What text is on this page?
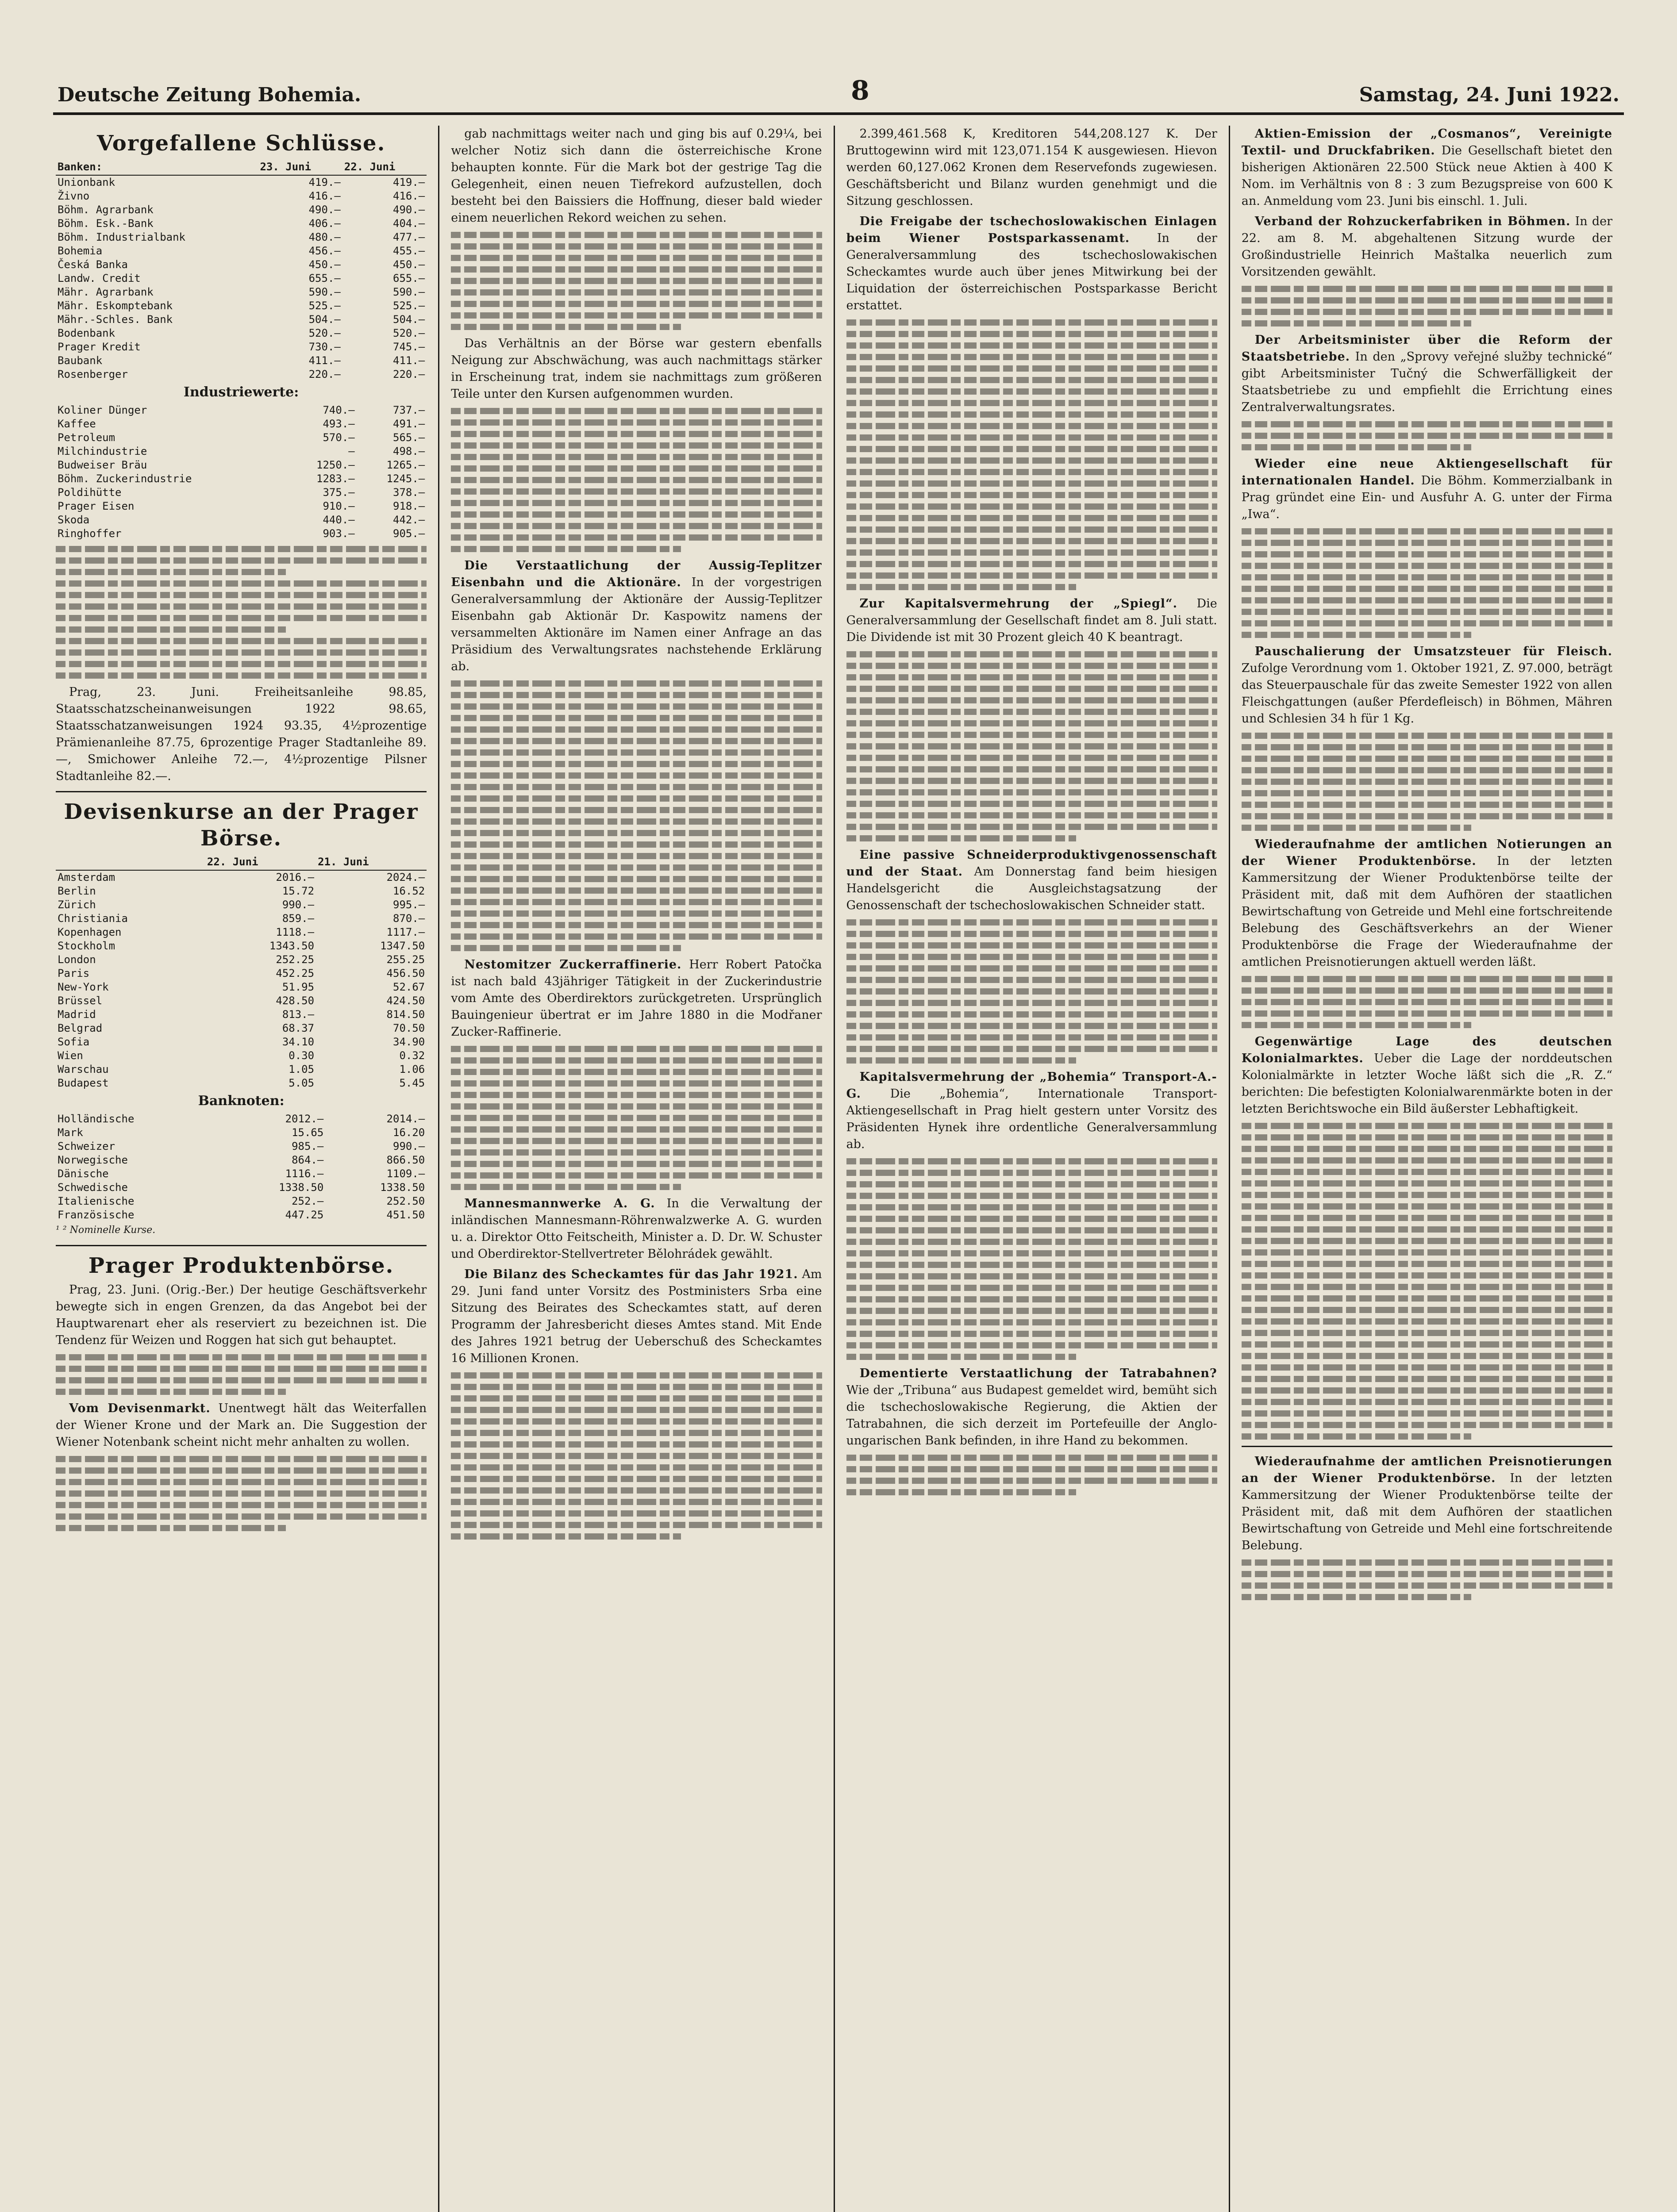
Deutsche Zeitung Bohemia.	8	Samstag, 24. Juni 1922.
Vorgefallene Schlüsse.
Banken:	23. Juni	22. Juni
Unionbank	419.—	419.—
Živno	416.—	416.—
Böhm. Agrarbank	490.—	490.—
Böhm. Esk.-Bank	406.—	404.—
Böhm. Industrialbank	480.—	477.—
Bohemia	456.—	455.—
Česká Banka	450.—	450.—
Landw. Credit	655.—	655.—
Mähr. Agrarbank	590.—	590.—
Mähr. Eskomptebank	525.—	525.—
Mähr.-Schles. Bank	504.—	504.—
Bodenbank	520.—	520.—
Prager Kredit	730.—	745.—
Baubank	411.—	411.—
Rosenberger	220.—	220.—
Industriewerte:
Koliner Dünger	740.—	737.—
Kaffee	493.—	491.—
Petroleum	570.—	565.—
Milchindustrie	—	498.—
Budweiser Bräu	1250.—	1265.—
Böhm. Zuckerindustrie	1283.—	1245.—
Poldihütte	375.—	378.—
Prager Eisen	910.—	918.—
Skoda	440.—	442.—
Ringhoffer	903.—	905.—

Prag, 23. Juni. Freiheitsanleihe 98.85, Staatsschatzscheinanweisungen 1922 98.65, Staatsschatzanweisungen 1924 93.35, 4½prozentige Prämienanleihe 87.75, 6prozentige Prager Stadtanleihe 89.—, Smichower Anleihe 72.—, 4½prozentige Pilsner Stadtanleihe 82.—.

Devisenkurse an der Prager Börse.
	22. Juni	21. Juni
Amsterdam	2016.—	2024.—
Berlin	15.72	16.52
Zürich	990.—	995.—
Christiania	859.—	870.—
Kopenhagen	1118.—	1117.—
Stockholm	1343.50	1347.50
London	252.25	255.25
Paris	452.25	456.50
New-York	51.95	52.67
Brüssel	428.50	424.50
Madrid	813.—	814.50
Belgrad	68.37	70.50
Sofia	34.10	34.90
Wien	0.30	0.32
Warschau	1.05	1.06
Budapest	5.05	5.45
Banknoten:
Holländische	2012.—	2014.—
Mark	15.65	16.20
Schweizer	985.—	990.—
Norwegische	864.—	866.50
Dänische	1116.—	1109.—
Schwedische	1338.50	1338.50
Italienische	252.—	252.50
Französische	447.25	451.50
¹ ² Nominelle Kurse.
Prager Produktenbörse.

Prag, 23. Juni. (Orig.-Ber.) Der heutige Geschäftsverkehr bewegte sich in engen Grenzen, da das Angebot bei der Hauptwarenart eher als reserviert zu bezeichnen ist. Die Tendenz für Weizen und Roggen hat sich gut behauptet.

Vom Devisenmarkt. Unentwegt hält das Weiterfallen der Wiener Krone und der Mark an. Die Suggestion der Wiener Notenbank scheint nicht mehr anhalten zu wollen.

gab nachmittags weiter nach und ging bis auf 0.29¼, bei welcher Notiz sich dann die österreichische Krone behaupten konnte. Für die Mark bot der gestrige Tag die Gelegenheit, einen neuen Tiefrekord aufzustellen, doch besteht bei den Baissiers die Hoffnung, dieser bald wieder einem neuerlichen Rekord weichen zu sehen.

Das Verhältnis an der Börse war gestern ebenfalls Neigung zur Abschwächung, was auch nachmittags stärker in Erscheinung trat, indem sie nachmittags zum größeren Teile unter den Kursen aufgenommen wurden.

Die Verstaatlichung der Aussig-Teplitzer Eisenbahn und die Aktionäre. In der vorgestrigen Generalversammlung der Aktionäre der Aussig-Teplitzer Eisenbahn gab Aktionär Dr. Kaspowitz namens der versammelten Aktionäre im Namen einer Anfrage an das Präsidium des Verwaltungsrates nachstehende Erklärung ab.

Nestomitzer Zuckerraffinerie. Herr Robert Patočka ist nach bald 43jähriger Tätigkeit in der Zuckerindustrie vom Amte des Oberdirektors zurückgetreten. Ursprünglich Bauingenieur übertrat er im Jahre 1880 in die Modřaner Zucker-Raffinerie.

Mannesmannwerke A. G. In die Verwaltung der inländischen Mannesmann-Röhrenwalzwerke A. G. wurden u. a. Direktor Otto Feitscheith, Minister a. D. Dr. W. Schuster und Oberdirektor-Stellvertreter Bělohrádek gewählt.

Die Bilanz des Scheckamtes für das Jahr 1921. Am 29. Juni fand unter Vorsitz des Postministers Srba eine Sitzung des Beirates des Scheckamtes statt, auf deren Programm der Jahresbericht dieses Amtes stand. Mit Ende des Jahres 1921 betrug der Ueberschuß des Scheckamtes 16 Millionen Kronen.

2.399,461.568 K, Kreditoren 544,208.127 K. Der Bruttogewinn wird mit 123,071.154 K ausgewiesen. Hievon werden 60,127.062 Kronen dem Reservefonds zugewiesen. Geschäftsbericht und Bilanz wurden genehmigt und die Sitzung geschlossen.

Die Freigabe der tschechoslowakischen Einlagen beim Wiener Postsparkassenamt. In der Generalversammlung des tschechoslowakischen Scheckamtes wurde auch über jenes Mitwirkung bei der Liquidation der österreichischen Postsparkasse Bericht erstattet.

Zur Kapitalsvermehrung der „Spiegl“. Die Generalversammlung der Gesellschaft findet am 8. Juli statt. Die Dividende ist mit 30 Prozent gleich 40 K beantragt.

Eine passive Schneiderproduktivgenossenschaft und der Staat. Am Donnerstag fand beim hiesigen Handelsgericht die Ausgleichstagsatzung der Genossenschaft der tschechoslowakischen Schneider statt.

Kapitalsvermehrung der „Bohemia“ Transport-A.-G. Die „Bohemia“, Internationale Transport-Aktiengesellschaft in Prag hielt gestern unter Vorsitz des Präsidenten Hynek ihre ordentliche Generalversammlung ab.

Dementierte Verstaatlichung der Tatrabahnen? Wie der „Tribuna“ aus Budapest gemeldet wird, bemüht sich die tschechoslowakische Regierung, die Aktien der Tatrabahnen, die sich derzeit im Portefeuille der Anglo-ungarischen Bank befinden, in ihre Hand zu bekommen.

Aktien-Emission der „Cosmanos“, Vereinigte Textil- und Druckfabriken. Die Gesellschaft bietet den bisherigen Aktionären 22.500 Stück neue Aktien à 400 K Nom. im Verhältnis von 8 : 3 zum Bezugspreise von 600 K an. Anmeldung vom 23. Juni bis einschl. 1. Juli.

Verband der Rohzuckerfabriken in Böhmen. In der 22. am 8. M. abgehaltenen Sitzung wurde der Großindustrielle Heinrich Maštalka neuerlich zum Vorsitzenden gewählt.

Der Arbeitsminister über die Reform der Staatsbetriebe. In den „Sprovy veřejné služby technické“ gibt Arbeitsminister Tučný die Schwerfälligkeit der Staatsbetriebe zu und empfiehlt die Errichtung eines Zentralverwaltungsrates.

Wieder eine neue Aktiengesellschaft für internationalen Handel. Die Böhm. Kommerzialbank in Prag gründet eine Ein- und Ausfuhr A. G. unter der Firma „Iwa“.

Pauschalierung der Umsatzsteuer für Fleisch. Zufolge Verordnung vom 1. Oktober 1921, Z. 97.000, beträgt das Steuerpauschale für das zweite Semester 1922 von allen Fleischgattungen (außer Pferdefleisch) in Böhmen, Mähren und Schlesien 34 h für 1 Kg.

Wiederaufnahme der amtlichen Notierungen an der Wiener Produktenbörse. In der letzten Kammersitzung der Wiener Produktenbörse teilte der Präsident mit, daß mit dem Aufhören der staatlichen Bewirtschaftung von Getreide und Mehl eine fortschreitende Belebung des Geschäftsverkehrs an der Wiener Produktenbörse die Frage der Wiederaufnahme der amtlichen Preisnotierungen aktuell werden läßt.

Gegenwärtige Lage des deutschen Kolonialmarktes. Ueber die Lage der norddeutschen Kolonialmärkte in letzter Woche läßt sich die „R. Z.“ berichten: Die befestigten Kolonialwarenmärkte boten in der letzten Berichtswoche ein Bild äußerster Lebhaftigkeit.

Wiederaufnahme der amtlichen Preisnotierungen an der Wiener Produktenbörse. In der letzten Kammersitzung der Wiener Produktenbörse teilte der Präsident mit, daß mit dem Aufhören der staatlichen Bewirtschaftung von Getreide und Mehl eine fortschreitende Belebung.
